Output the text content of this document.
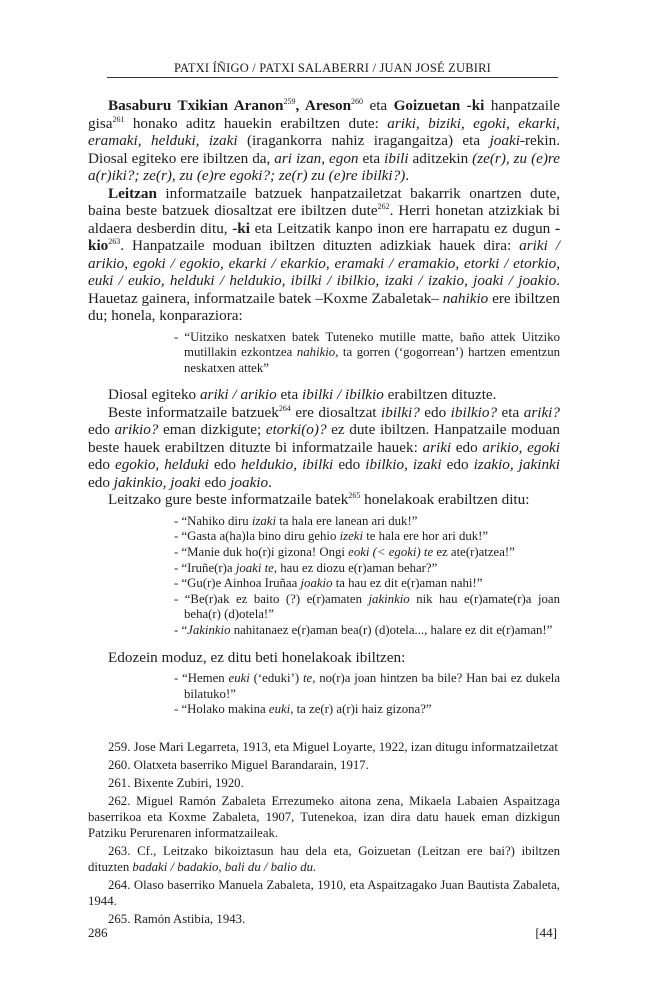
PATXI ÍÑIGO / PATXI SALABERRI / JUAN JOSÉ ZUBIRI

Basaburu Txikian Aranon$^{259}$, Areson$^{260}$ eta Goizuetan -ki hanpatzaile gisa$^{261}$ honako aditz hauekin erabiltzen dute: ariki, biziki, egoki, ekarki, eramaki, helduki, izaki (iragankorra nahiz iragangaitza) eta joaki-rekin. Diosal egiteko ere ibiltzen da, ari izan, egon eta ibili aditzekin (ze(r), zu (e)re a(r)iki?; ze(r), zu (e)re egoki?; ze(r) zu (e)re ibilki?).

Leitzan informatzaile batzuek hanpatzailetzat bakarrik onartzen dute, baina beste batzuek diosaltzat ere ibiltzen dute$^{262}$. Herri honetan atzizkiak bi aldaera desberdin ditu, -ki eta Leitzatik kanpo inon ere harrapatu ez dugun -kio$^{263}$. Hanpatzaile moduan ibiltzen dituzten adizkiak hauek dira: ariki / arikio, egoki / egokio, ekarki / ekarkio, eramaki / eramakio, etorki / etorkio, euki / eukio, helduki / heldukio, ibilki / ibilkio, izaki / izakio, joaki / joakio. Hauetaz gainera, informatzaile batek –Koxme Zabaletak– nahikio ere ibiltzen du; honela, konparaziora:

- “Uitziko neskatxen batek Tuteneko mutille matte, baño attek Uitziko mutillakin ezkontzea nahikio, ta gorren (‘gogorrean’) hartzen ementzun neskatxen attek”

Diosal egiteko ariki / arikio eta ibilki / ibilkio erabiltzen dituzte.

Beste informatzaile batzuek$^{264}$ ere diosaltzat ibilki? edo ibilkio? eta ariki? edo arikio? eman dizkigute; etorki(o)? ez dute ibiltzen. Hanpatzaile moduan beste hauek erabiltzen dituzte bi informatzaile hauek: ariki edo arikio, egoki edo egokio, helduki edo heldukio, ibilki edo ibilkio, izaki edo izakio, jakinki edo jakinkio, joaki edo joakio.

Leitzako gure beste informatzaile batek$^{265}$ honelakoak erabiltzen ditu:

- “Nahiko diru izaki ta hala ere lanean ari duk!”

- “Gasta a(ha)la bino diru gehio izeki te hala ere hor ari duk!”

- “Manie duk ho(r)i gizona! Ongi eoki (< egoki) te ez ate(r)atzea!”

- “Iruñe(r)a joaki te, hau ez diozu e(r)aman behar?”

- “Gu(r)e Ainhoa Iruñaa joakio ta hau ez dit e(r)aman nahi!”

- “Be(r)ak ez baito (?) e(r)amaten jakinkio nik hau e(r)amate(r)a joan beha(r) (d)otela!”

- “Jakinkio nahitanaez e(r)aman bea(r) (d)otela..., halare ez dit e(r)aman!”

Edozein moduz, ez ditu beti honelakoak ibiltzen:

- “Hemen euki (‘eduki’) te, no(r)a joan hintzen ba bile? Han bai ez dukela bilatuko!”

- “Holako makina euki, ta ze(r) a(r)i haiz gizona?”

259. Jose Mari Legarreta, 1913, eta Miguel Loyarte, 1922, izan ditugu informatzailetzat

260. Olatxeta baserriko Miguel Barandarain, 1917.

261. Bixente Zubiri, 1920.

262. Miguel Ramón Zabaleta Errezumeko aitona zena, Mikaela Labaien Aspaitzaga baserrikoa eta Koxme Zabaleta, 1907, Tutenekoa, izan dira datu hauek eman dizkigun Patziku Perurenaren informatzaileak.

263. Cf., Leitzako bikoiztasun hau dela eta, Goizuetan (Leitzan ere bai?) ibiltzen dituzten badaki / badakio, bali du / balio du.

264. Olaso baserriko Manuela Zabaleta, 1910, eta Aspaitzagako Juan Bautista Zabaleta, 1944.

265. Ramón Astibia, 1943.

286	[44]
